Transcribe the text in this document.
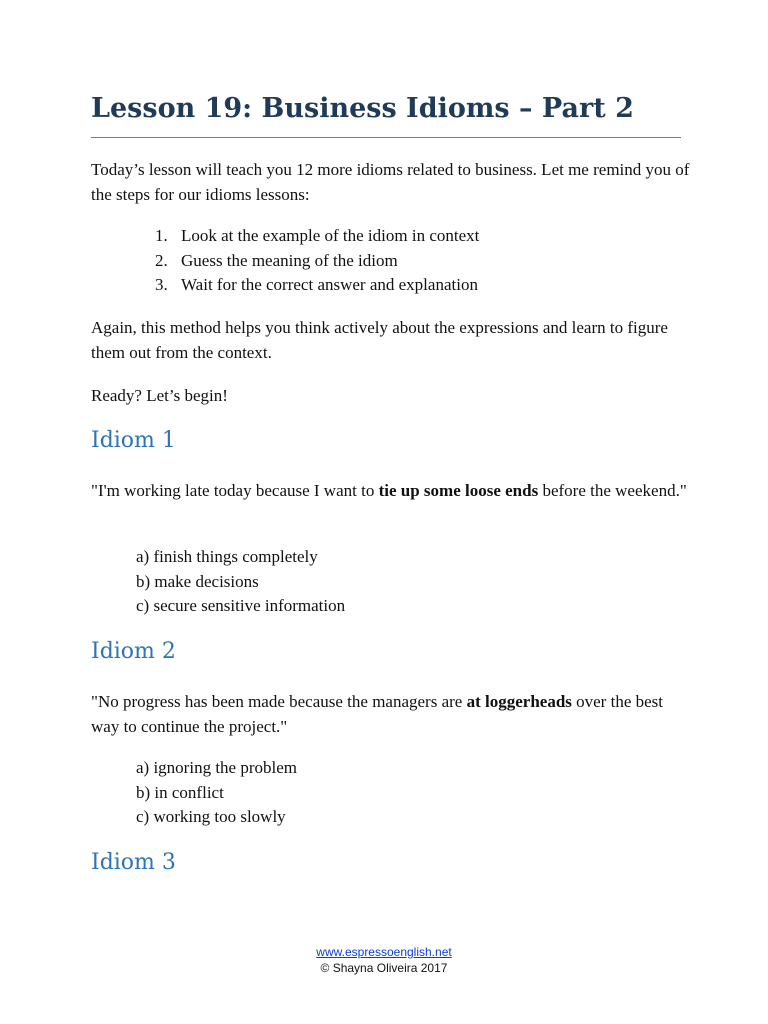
Lesson 19: Business Idioms – Part 2

Today’s lesson will teach you 12 more idioms related to business. Let me remind you of the steps for our idioms lessons:

1. Look at the example of the idiom in context
2. Guess the meaning of the idiom
3. Wait for the correct answer and explanation

Again, this method helps you think actively about the expressions and learn to figure them out from the context.

Ready? Let’s begin!

Idiom 1

"I'm working late today because I want to tie up some loose ends before the weekend."

a) finish things completely
b) make decisions
c) secure sensitive information
Idiom 2

"No progress has been made because the managers are at loggerheads over the best way to continue the project."

a) ignoring the problem
b) in conflict
c) working too slowly
Idiom 3
www.espressoenglish.net
© Shayna Oliveira 2017
